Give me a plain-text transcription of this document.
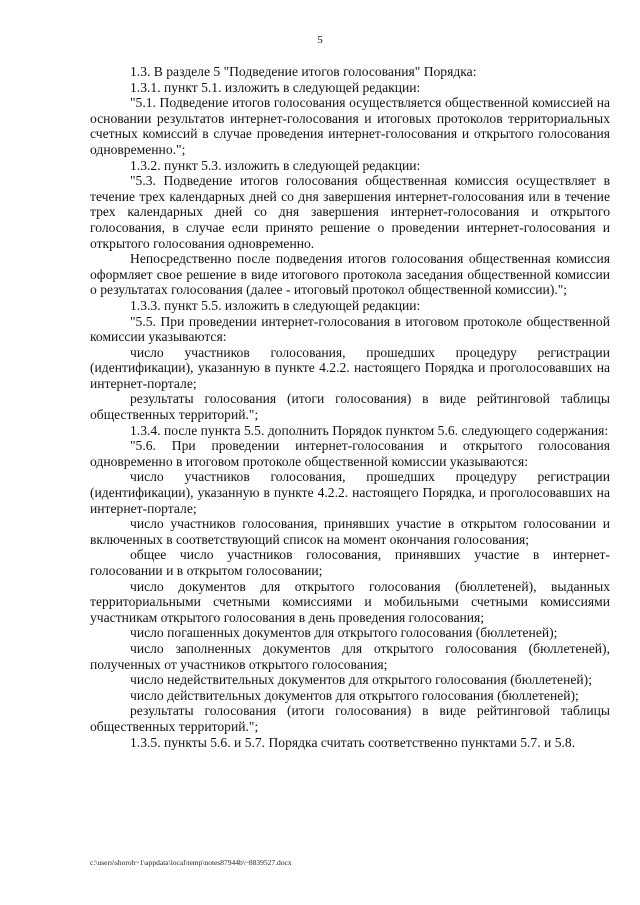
5

1.3. В разделе 5 "Подведение итогов голосования" Порядка:

1.3.1. пункт 5.1. изложить в следующей редакции:

"5.1. Подведение итогов голосования осуществляется общественной комиссией на основании результатов интернет-голосования и итоговых протоколов территориальных счетных комиссий в случае проведения интернет-голосования и открытого голосования одновременно.";

1.3.2. пункт 5.3. изложить в следующей редакции:

"5.3. Подведение итогов голосования общественная комиссия осуществляет в течение трех календарных дней со дня завершения интернет-голосования или в течение трех календарных дней со дня завершения интернет-голосования и открытого голосования, в случае если принято решение о проведении интернет-голосования и открытого голосования одновременно.

Непосредственно после подведения итогов голосования общественная комиссия оформляет свое решение в виде итогового протокола заседания общественной комиссии о результатах голосования (далее - итоговый протокол общественной комиссии).";

1.3.3. пункт 5.5. изложить в следующей редакции:

"5.5. При проведении интернет-голосования в итоговом протоколе общественной комиссии указываются:

число участников голосования, прошедших процедуру регистрации (идентификации), указанную в пункте 4.2.2. настоящего Порядка и проголосовавших на интернет-портале;

результаты голосования (итоги голосования) в виде рейтинговой таблицы общественных территорий.";

1.3.4. после пункта 5.5. дополнить Порядок пунктом 5.6. следующего содержания:

"5.6. При проведении интернет-голосования и открытого голосования одновременно в итоговом протоколе общественной комиссии указываются:

число участников голосования, прошедших процедуру регистрации (идентификации), указанную в пункте 4.2.2. настоящего Порядка, и проголосовавших на интернет-портале;

число участников голосования, принявших участие в открытом голосовании и включенных в соответствующий список на момент окончания голосования;

общее число участников голосования, принявших участие в интернет-голосовании и в открытом голосовании;

число документов для открытого голосования (бюллетеней), выданных территориальными счетными комиссиями и мобильными счетными комиссиями участникам открытого голосования в день проведения голосования;

число погашенных документов для открытого голосования (бюллетеней);

число заполненных документов для открытого голосования (бюллетеней), полученных от участников открытого голосования;

число недействительных документов для открытого голосования (бюллетеней);

число действительных документов для открытого голосования (бюллетеней);

результаты голосования (итоги голосования) в виде рейтинговой таблицы общественных территорий.";

1.3.5. пункты 5.6. и 5.7. Порядка считать соответственно пунктами 5.7. и 5.8.

c:\users\shoroh~1\appdata\local\temp\notes87944b\~8839527.docx
